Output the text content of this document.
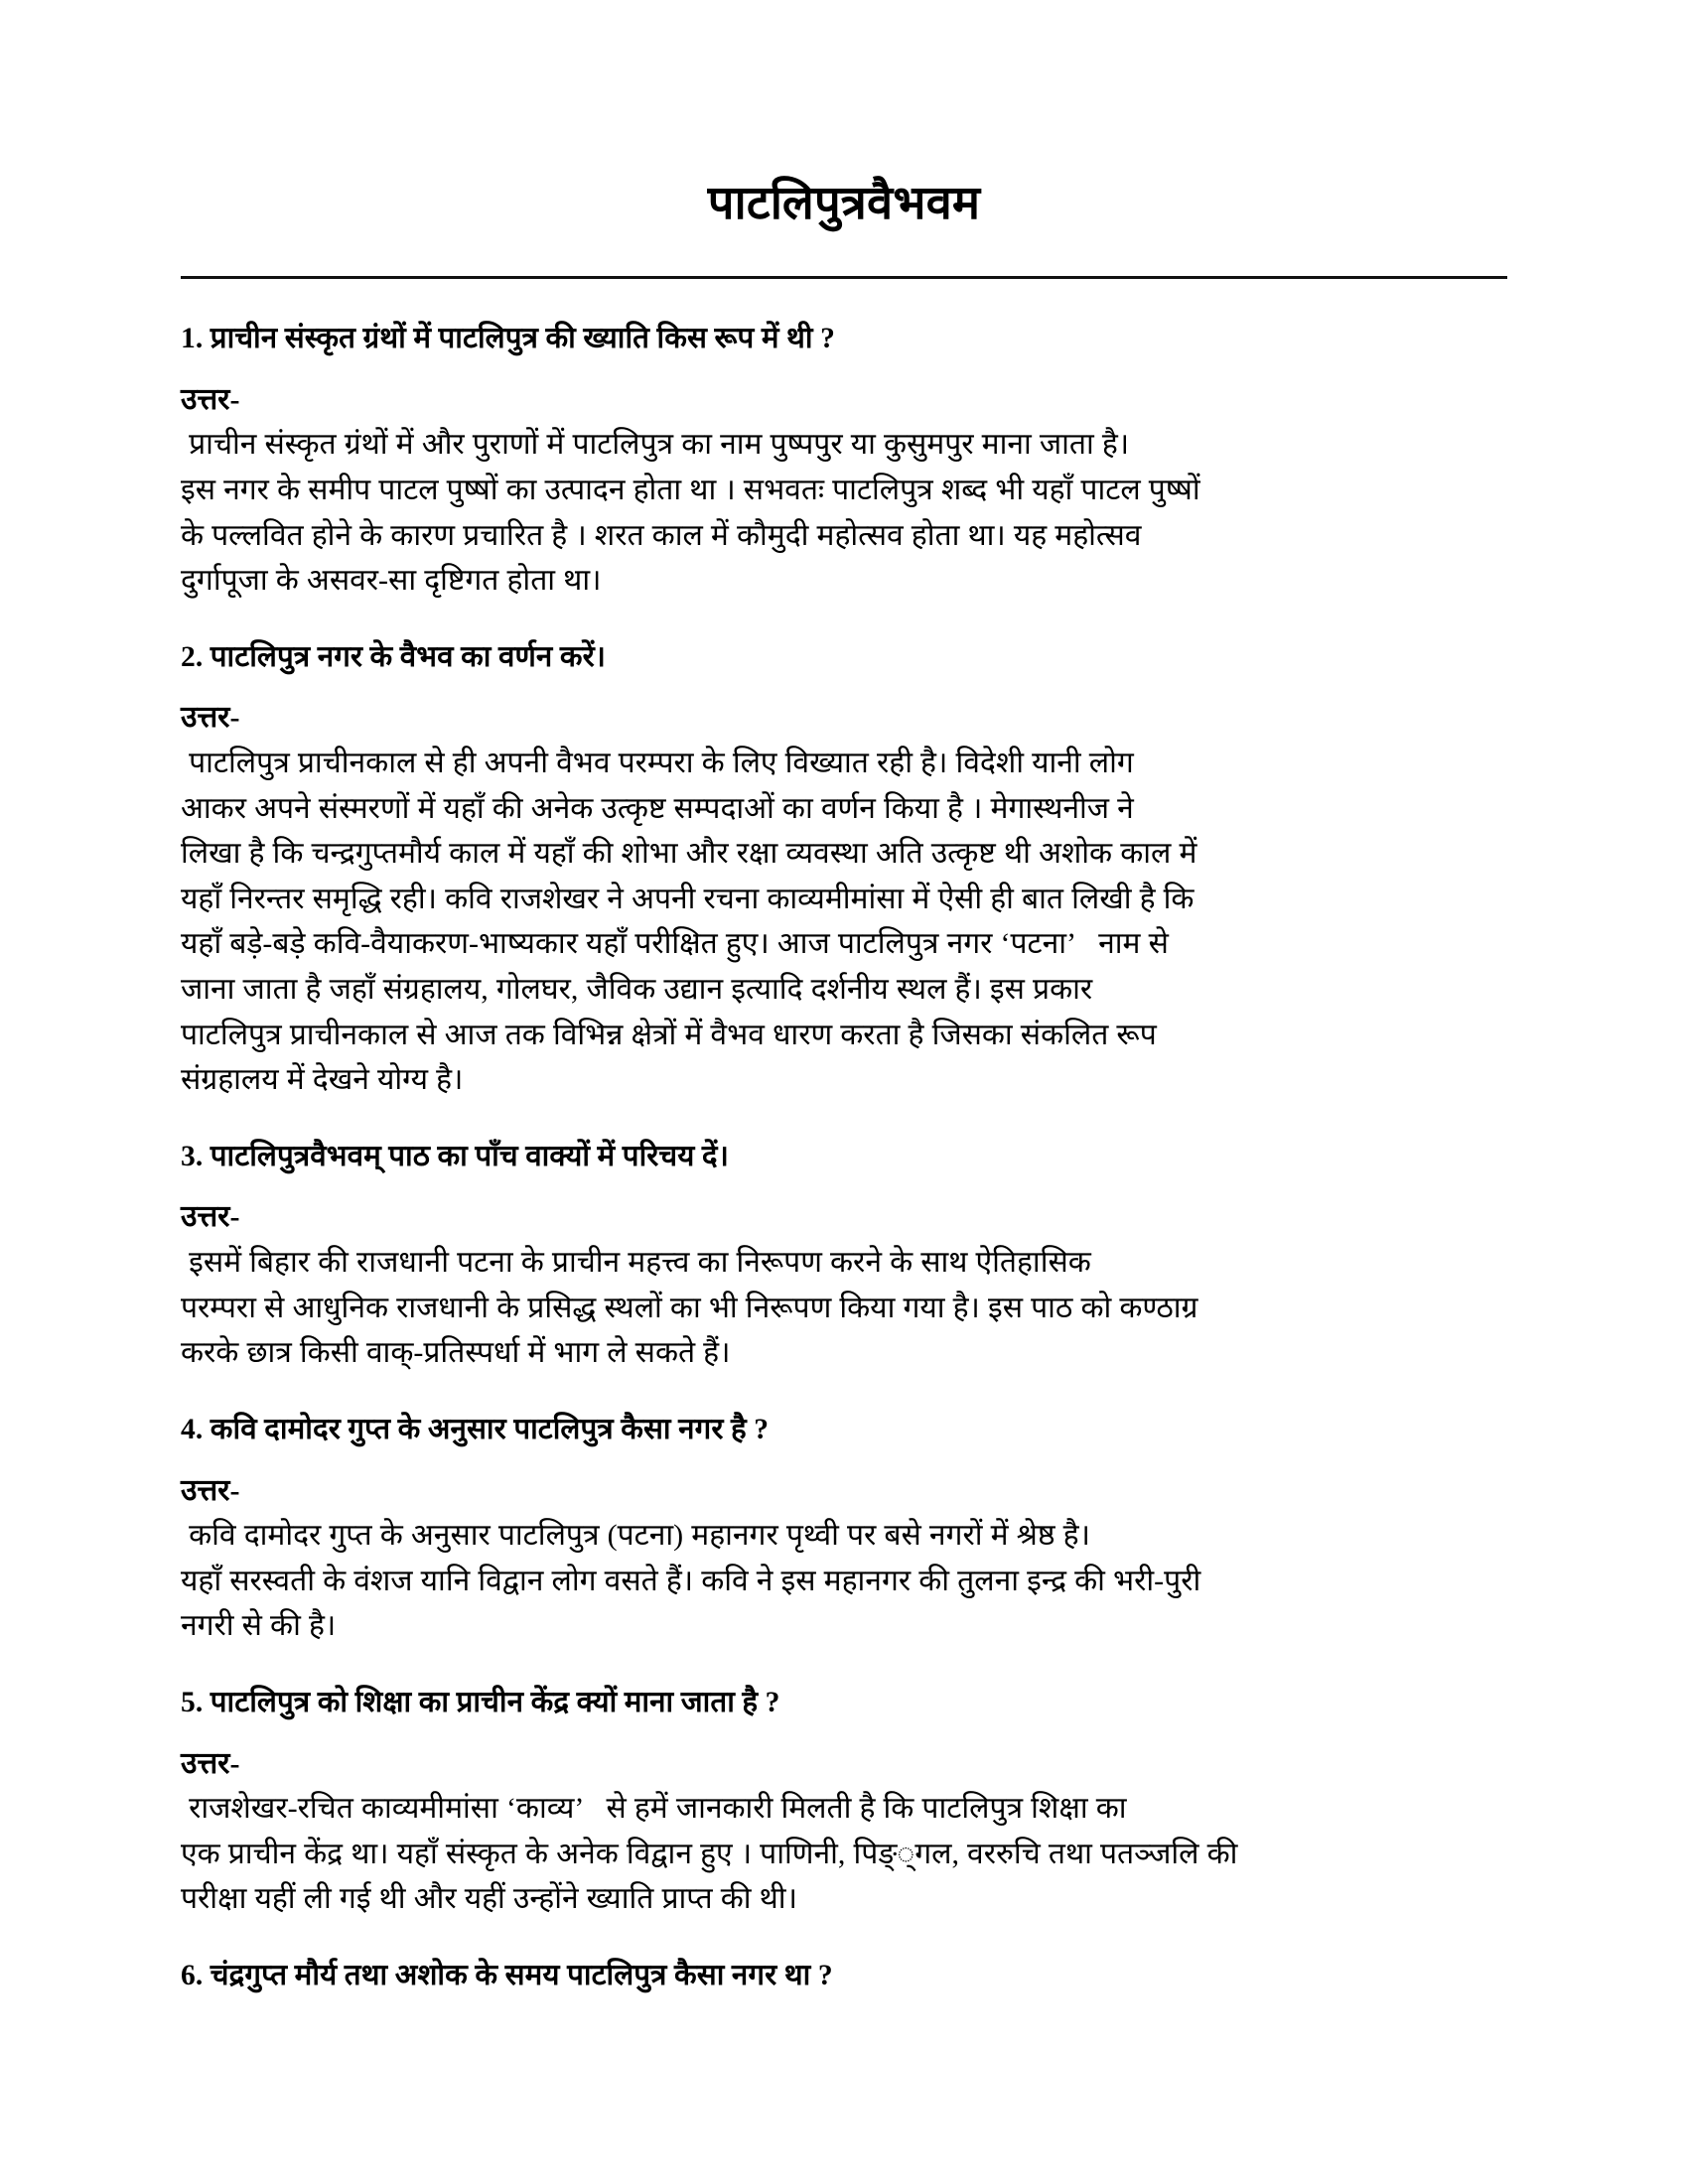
पाटलिपुत्रवैभवम
1. प्राचीन संस्कृत ग्रंथों में पाटलिपुत्र की ख्याति किस रूप में थी ?
उत्तर-
प्राचीन संस्कृत ग्रंथों में और पुराणों में पाटलिपुत्र का नाम पुष्पपुर या कुसुमपुर माना जाता है।
इस नगर के समीप पाटल पुष्षों का उत्पादन होता था । सभवतः पाटलिपुत्र शब्द भी यहाँ पाटल पुष्षों
के पल्लवित होने के कारण प्रचारित है । शरत काल में कौमुदी महोत्सव होता था। यह महोत्सव
दुर्गापूजा के असवर-सा दृष्टिगत होता था।
2. पाटलिपुत्र नगर के वैभव का वर्णन करें।
उत्तर-
पाटलिपुत्र प्राचीनकाल से ही अपनी वैभव परम्परा के लिए विख्यात रही है। विदेशी यानी लोग
आकर अपने संस्मरणों में यहाँ की अनेक उत्कृष्ट सम्पदाओं का वर्णन किया है । मेगास्थनीज ने
लिखा है कि चन्द्रगुप्तमौर्य काल में यहाँ की शोभा और रक्षा व्यवस्था अति उत्कृष्ट थी अशोक काल में
यहाँ निरन्तर समृद्धि रही। कवि राजशेखर ने अपनी रचना काव्यमीमांसा में ऐसी ही बात लिखी है कि
यहाँ बड़े-बड़े कवि-वैयाकरण-भाष्यकार यहाँ परीक्षित हुए। आज पाटलिपुत्र नगर ‘पटना’   नाम से
जाना जाता है जहाँ संग्रहालय, गोलघर, जैविक उद्यान इत्यादि दर्शनीय स्थल हैं। इस प्रकार
पाटलिपुत्र प्राचीनकाल से आज तक विभिन्न क्षेत्रों में वैभव धारण करता है जिसका संकलित रूप
संग्रहालय में देखने योग्य है।
3. पाटलिपुत्रवैभवम् पाठ का पाँच वाक्यों में परिचय दें।
उत्तर-
इसमें बिहार की राजधानी पटना के प्राचीन महत्त्व का निरूपण करने के साथ ऐतिहासिक
परम्परा से आधुनिक राजधानी के प्रसिद्ध स्थलों का भी निरूपण किया गया है। इस पाठ को कण्ठाग्र
करके छात्र किसी वाक्‌-प्रतिस्पर्धा में भाग ले सकते हैं।
4. कवि दामोदर गुप्त के अनुसार पाटलिपुत्र कैसा नगर है ?
उत्तर-
कवि दामोदर गुप्त के अनुसार पाटलिपुत्र (पटना) महानगर पृथ्वी पर बसे नगरों में श्रेष्ठ है।
यहाँ सरस्वती के वंशज यानि विद्वान लोग वसते हैं। कवि ने इस महानगर की तुलना इन्द्र की भरी-पुरी
नगरी से की है।
5. पाटलिपुत्र को शिक्षा का प्राचीन केंद्र क्यों माना जाता है ?
उत्तर-
राजशेखर-रचित काव्यमीमांसा ‘काव्य’   से हमें जानकारी मिलती है कि पाटलिपुत्र शिक्षा का
एक प्राचीन केंद्र था। यहाँ संस्कृत के अनेक विद्वान हुए । पाणिनी, पिङ्‌्गल, वररुचि तथा पतञ्जलि की
परीक्षा यहीं ली गई थी और यहीं उन्होंने ख्याति प्राप्त की थी।
6. चंद्रगुप्त मौर्य तथा अशोक के समय पाटलिपुत्र कैसा नगर था ?
